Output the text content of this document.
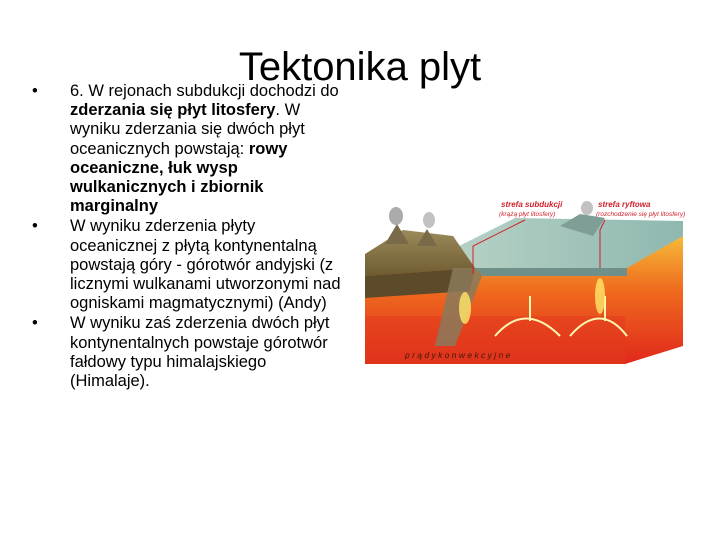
Tektonika plyt
• 6. W rejonach subdukcji dochodzi do zderzania się płyt litosfery. W wyniku zderzania się dwóch płyt oceanicznych powstają: rowy oceaniczne, łuk wysp wulkanicznych i zbiornik marginalny
• W wyniku zderzenia płyty oceanicznej z płytą kontynentalną powstają góry - górotwór andyjski (z licznymi wulkanami utworzonymi nad ogniskami magmatycznymi) (Andy)
• W wyniku zaś zderzenia dwóch płyt kontynentalnych powstaje górotwór fałdowy typu himalajskiego (Himalaje).
strefa subdukcji
(krążą płyt litosfery)
strefa ryftowa
(rozchodzenie się płyt litosfery)
p r ą d y k o n w e k c y j n e
